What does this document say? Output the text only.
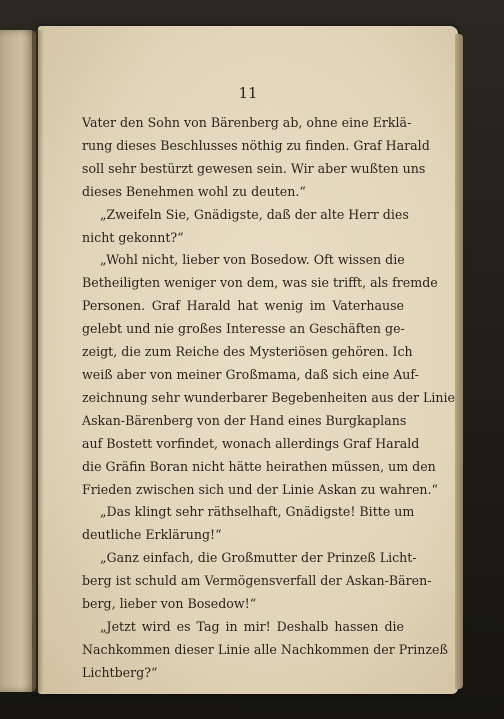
11
Vater den Sohn von Bärenberg ab, ohne eine Erklä-
rung dieses Beschlusses nöthig zu finden. Graf Harald
soll sehr bestürzt gewesen sein. Wir aber wußten uns
dieses Benehmen wohl zu deuten.“
„Zweifeln Sie, Gnädigste, daß der alte Herr dies
nicht gekonnt?“
„Wohl nicht, lieber von Bosedow. Oft wissen die
Betheiligten weniger von dem, was sie trifft, als fremde
Personen. Graf Harald hat wenig im Vaterhause
gelebt und nie großes Interesse an Geschäften ge-
zeigt, die zum Reiche des Mysteriösen gehören. Ich
weiß aber von meiner Großmama, daß sich eine Auf-
zeichnung sehr wunderbarer Begebenheiten aus der Linie
Askan-Bärenberg von der Hand eines Burgkaplans
auf Bostett vorfindet, wonach allerdings Graf Harald
die Gräfin Boran nicht hätte heirathen müssen, um den
Frieden zwischen sich und der Linie Askan zu wahren.“
„Das klingt sehr räthselhaft, Gnädigste! Bitte um
deutliche Erklärung!“
„Ganz einfach, die Großmutter der Prinzeß Licht-
berg ist schuld am Vermögensverfall der Askan-Bären-
berg, lieber von Bosedow!“
„Jetzt wird es Tag in mir! Deshalb hassen die
Nachkommen dieser Linie alle Nachkommen der Prinzeß
Lichtberg?“
